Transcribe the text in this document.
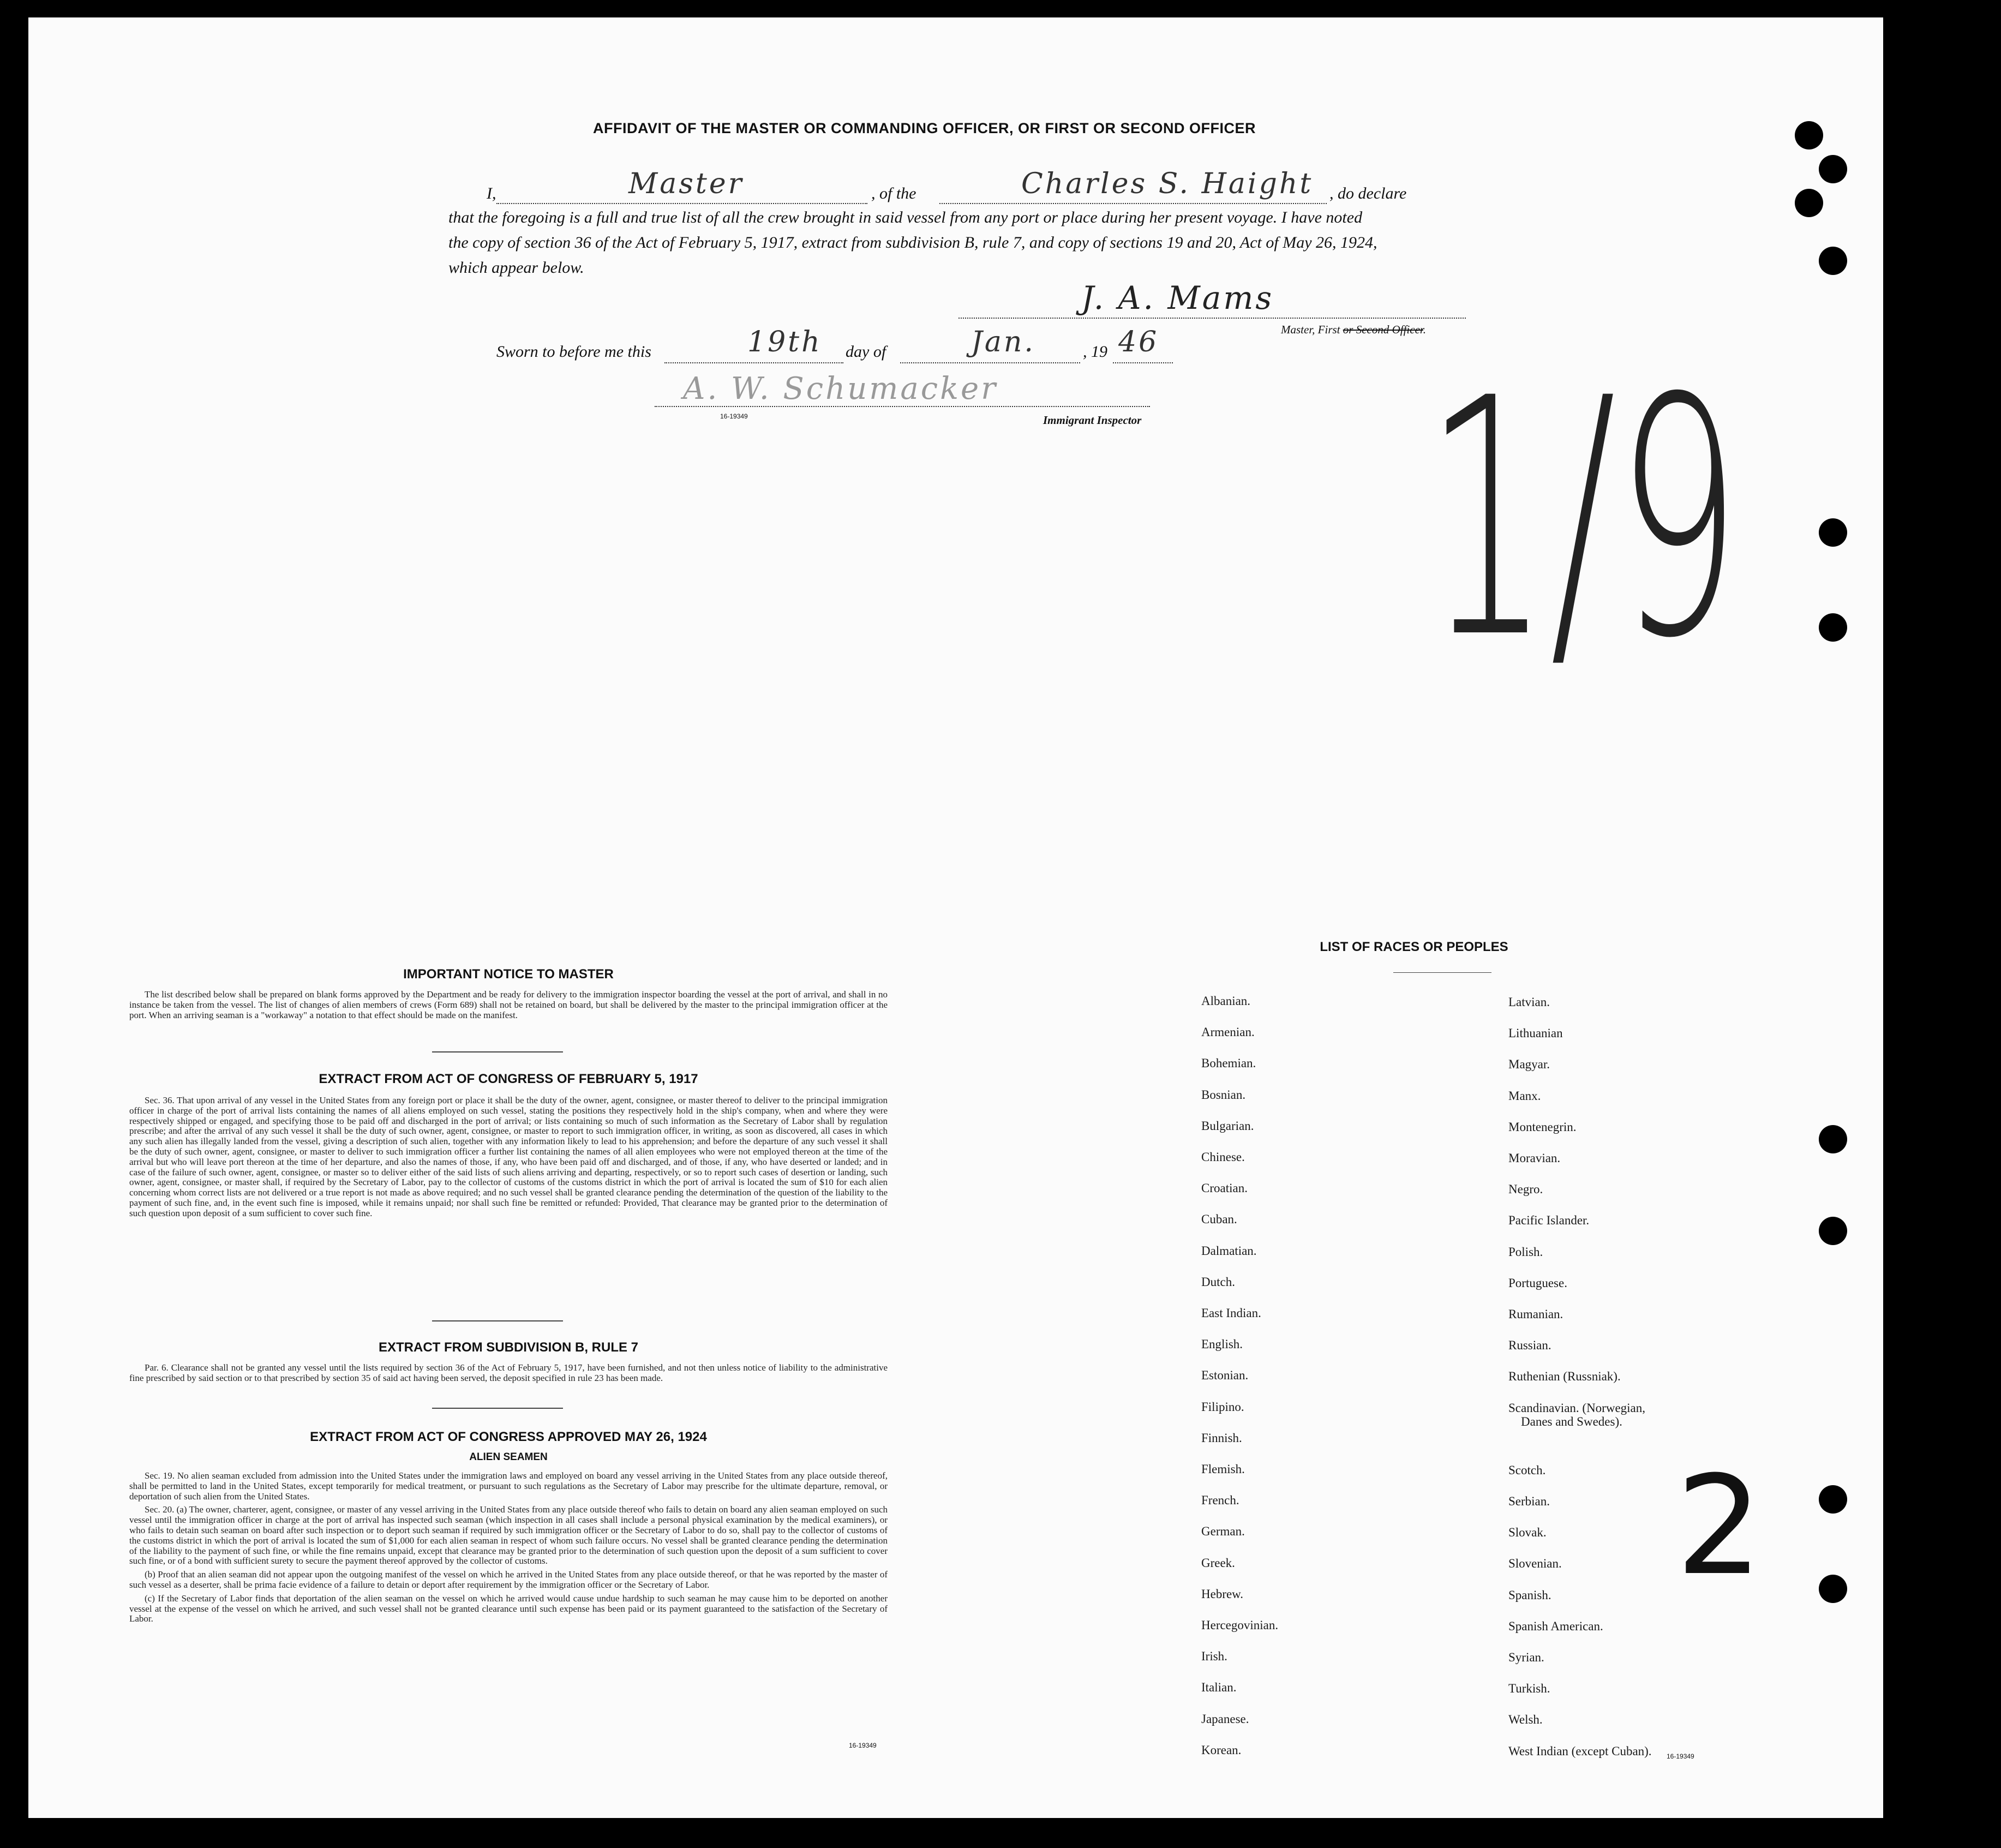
AFFIDAVIT OF THE MASTER OR COMMANDING OFFICER, OR FIRST OR SECOND OFFICER
I,	Master	, of the	Charles S. Haight , do declare
that the foregoing is a full and true list of all the crew brought in said vessel from any port or place during her present voyage. I have noted
the copy of section 36 of the Act of February 5, 1917, extract from subdivision B, rule 7, and copy of sections 19 and 20, Act of May 26, 1924,
which appear below.
J. A. Mams
Master, First or Second Officer.
Sworn to before me this	19th day of	Jan.	, 19 46
A. W. Schumacker
16-19349	Immigrant Inspector 1/9
2
IMPORTANT NOTICE TO MASTER

The list described below shall be prepared on blank forms approved by the Department and be ready for delivery to the immigration inspector boarding the vessel at the port of arrival, and shall in no instance be taken from the vessel. The list of changes of alien members of crews (Form 689) shall not be retained on board, but shall be delivered by the master to the principal immigration officer at the port. When an arriving seaman is a "workaway" a notation to that effect should be made on the manifest.

EXTRACT FROM ACT OF CONGRESS OF FEBRUARY 5, 1917

Sec. 36. That upon arrival of any vessel in the United States from any foreign port or place it shall be the duty of the owner, agent, consignee, or master thereof to deliver to the principal immigration officer in charge of the port of arrival lists containing the names of all aliens employed on such vessel, stating the positions they respectively hold in the ship's company, when and where they were respectively shipped or engaged, and specifying those to be paid off and discharged in the port of arrival; or lists containing so much of such information as the Secretary of Labor shall by regulation prescribe; and after the arrival of any such vessel it shall be the duty of such owner, agent, consignee, or master to report to such immigration officer, in writing, as soon as discovered, all cases in which any such alien has illegally landed from the vessel, giving a description of such alien, together with any information likely to lead to his apprehension; and before the departure of any such vessel it shall be the duty of such owner, agent, consignee, or master to deliver to such immigration officer a further list containing the names of all alien employees who were not employed thereon at the time of the arrival but who will leave port thereon at the time of her departure, and also the names of those, if any, who have been paid off and discharged, and of those, if any, who have deserted or landed; and in case of the failure of such owner, agent, consignee, or master so to deliver either of the said lists of such aliens arriving and departing, respectively, or so to report such cases of desertion or landing, such owner, agent, consignee, or master shall, if required by the Secretary of Labor, pay to the collector of customs of the customs district in which the port of arrival is located the sum of $10 for each alien concerning whom correct lists are not delivered or a true report is not made as above required; and no such vessel shall be granted clearance pending the determination of the question of the liability to the payment of such fine, and, in the event such fine is imposed, while it remains unpaid; nor shall such fine be remitted or refunded: Provided, That clearance may be granted prior to the determination of such question upon deposit of a sum sufficient to cover such fine.

EXTRACT FROM SUBDIVISION B, RULE 7

Par. 6. Clearance shall not be granted any vessel until the lists required by section 36 of the Act of February 5, 1917, have been furnished, and not then unless notice of liability to the administrative fine prescribed by said section or to that prescribed by section 35 of said act having been served, the deposit specified in rule 23 has been made.

EXTRACT FROM ACT OF CONGRESS APPROVED MAY 26, 1924
ALIEN SEAMEN

Sec. 19. No alien seaman excluded from admission into the United States under the immigration laws and employed on board any vessel arriving in the United States from any place outside thereof, shall be permitted to land in the United States, except temporarily for medical treatment, or pursuant to such regulations as the Secretary of Labor may prescribe for the ultimate departure, removal, or deportation of such alien from the United States.

Sec. 20. (a) The owner, charterer, agent, consignee, or master of any vessel arriving in the United States from any place outside thereof who fails to detain on board any alien seaman employed on such vessel until the immigration officer in charge at the port of arrival has inspected such seaman (which inspection in all cases shall include a personal physical examination by the medical examiners), or who fails to detain such seaman on board after such inspection or to deport such seaman if required by such immigration officer or the Secretary of Labor to do so, shall pay to the collector of customs of the customs district in which the port of arrival is located the sum of $1,000 for each alien seaman in respect of whom such failure occurs. No vessel shall be granted clearance pending the determination of the liability to the payment of such fine, or while the fine remains unpaid, except that clearance may be granted prior to the determination of such question upon the deposit of a sum sufficient to cover such fine, or of a bond with sufficient surety to secure the payment thereof approved by the collector of customs.

(b) Proof that an alien seaman did not appear upon the outgoing manifest of the vessel on which he arrived in the United States from any place outside thereof, or that he was reported by the master of such vessel as a deserter, shall be prima facie evidence of a failure to detain or deport after requirement by the immigration officer or the Secretary of Labor.

(c) If the Secretary of Labor finds that deportation of the alien seaman on the vessel on which he arrived would cause undue hardship to such seaman he may cause him to be deported on another vessel at the expense of the vessel on which he arrived, and such vessel shall not be granted clearance until such expense has been paid or its payment guaranteed to the satisfaction of the Secretary of Labor.

16-19349
LIST OF RACES OR PEOPLES
16-19349
Albanian.
Armenian.
Bohemian.
Bosnian.
Bulgarian.
Chinese.
Croatian.
Cuban.
Dalmatian.
Dutch.
East Indian.
English.
Estonian.
Filipino.
Finnish.
Flemish.
French.
German.
Greek.
Hebrew.
Hercegovinian.
Irish.
Italian.
Japanese.
Korean.
Latvian.
Lithuanian
Magyar.
Manx.
Montenegrin.
Moravian.
Negro.
Pacific Islander.
Polish.
Portuguese.
Rumanian.
Russian.
Ruthenian (Russniak).
Scandinavian. (Norwegian,
Danes and Swedes).
Scotch.
Serbian.
Slovak.
Slovenian.
Spanish.
Spanish American.
Syrian.
Turkish.
Welsh.
West Indian (except Cuban).
